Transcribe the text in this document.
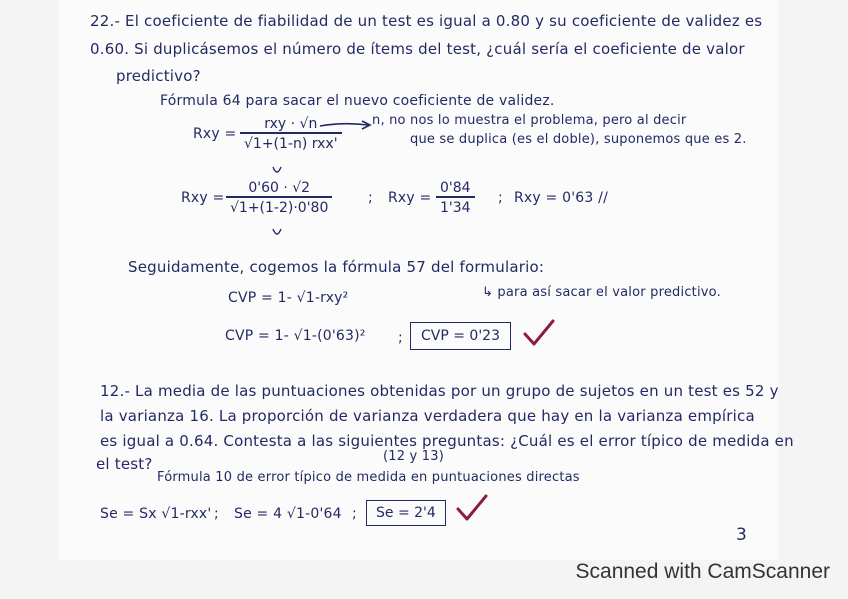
22.- El coeficiente de fiabilidad de un test es igual a 0.80 y su coeficiente de validez es
0.60. Si duplicásemos el número de ítems del test, ¿cuál sería el coeficiente de valor
predictivo?
Fórmula 64 para sacar el nuevo coeficiente de validez.
Rxy =
rxy · √n
√1+(1-n) rxx'
n, no nos lo muestra el problema, pero al decir
que se duplica (es el doble), suponemos que es 2.
Rxy = $\frac{0'60 \cdot √2}{√1+(1-2)\cdot 0'80}$	; Rxy = $\frac{0'84}{1'34}$ ; Rxy = 0'63 //
Seguidamente, cogemos la fórmula 57 del formulario:
CVP = 1- √1-rxy²	↳ para así sacar el valor predictivo.
CVP = 1- √1-(0'63)² ;	CVP = 0'23
12.- La media de las puntuaciones obtenidas por un grupo de sujetos en un test es 52 y
la varianza 16. La proporción de varianza verdadera que hay en la varianza empírica
es igual a 0.64. Contesta a las siguientes preguntas: ¿Cuál es el error típico de medida en
(12 y 13)
el test?
Fórmula 10 de error típico de medida en puntuaciones directas
Se = Sx √1-rxx' ; Se = 4 √1-0'64 ;	Se = 2'4
3
Scanned with CamScanner
